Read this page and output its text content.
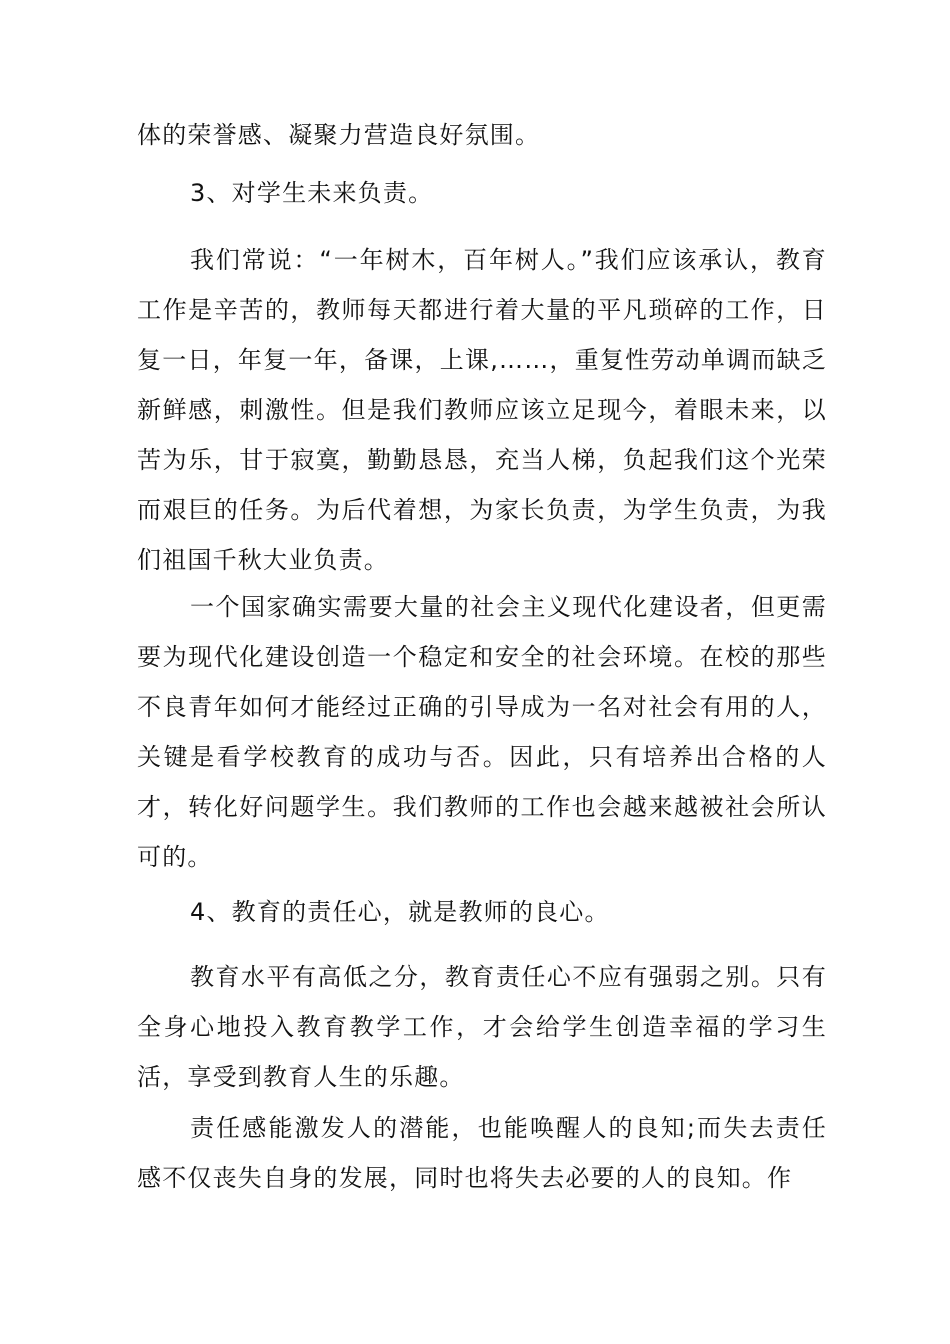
体的荣誉感、凝聚力营造良好氛围。

3、对学生未来负责。

我们常说：“一年树木，百年树人。”我们应该承认，教育工作是辛苦的，教师每天都进行着大量的平凡琐碎的工作，日复一日，年复一年，备课，上课,……，重复性劳动单调而缺乏新鲜感，刺激性。但是我们教师应该立足现今，着眼未来，以苦为乐，甘于寂寞，勤勤恳恳，充当人梯，负起我们这个光荣而艰巨的任务。为后代着想，为家长负责，为学生负责，为我们祖国千秋大业负责。

一个国家确实需要大量的社会主义现代化建设者，但更需要为现代化建设创造一个稳定和安全的社会环境。在校的那些不良青年如何才能经过正确的引导成为一名对社会有用的人，关键是看学校教育的成功与否。因此，只有培养出合格的人才，转化好问题学生。我们教师的工作也会越来越被社会所认可的。

4、教育的责任心，就是教师的良心。

教育水平有高低之分，教育责任心不应有强弱之别。只有全身心地投入教育教学工作，才会给学生创造幸福的学习生活，享受到教育人生的乐趣。

责任感能激发人的潜能，也能唤醒人的良知;而失去责任感不仅丧失自身的发展，同时也将失去必要的人的良知。作
